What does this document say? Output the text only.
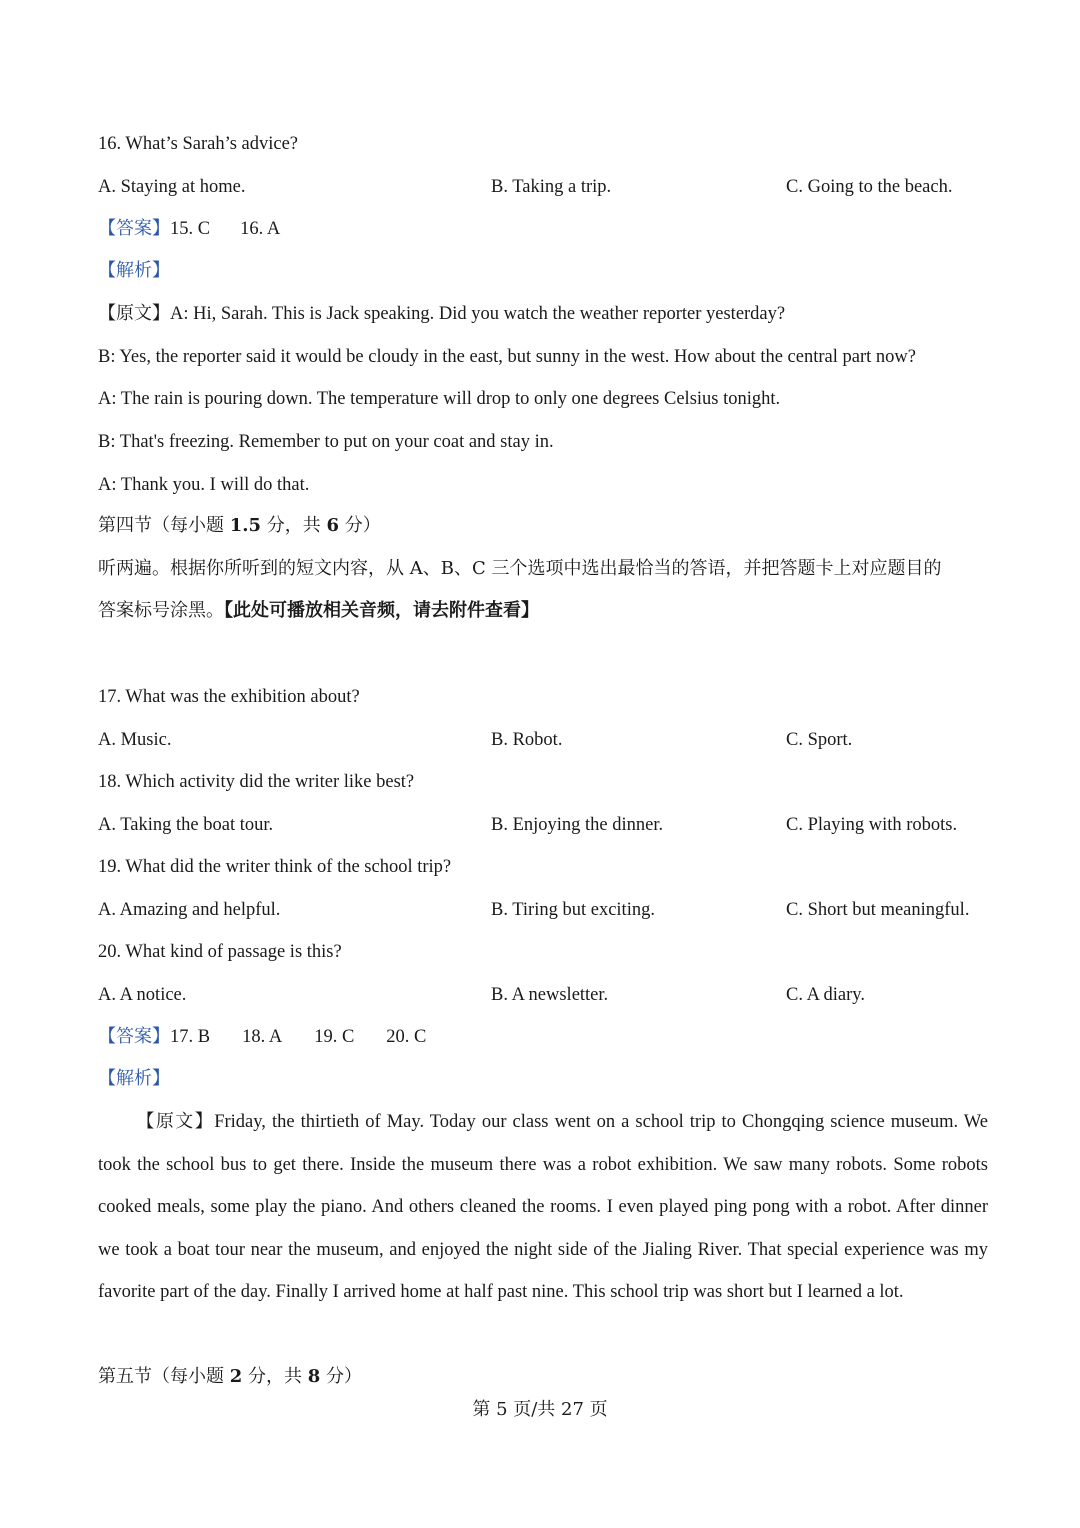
16. What’s Sarah’s advice?
A. Staying at home.	B. Taking a trip.	C. Going to the beach.
【答案】15. C 16. A
【解析】
【原文】A: Hi, Sarah. This is Jack speaking. Did you watch the weather reporter yesterday?
B: Yes, the reporter said it would be cloudy in the east, but sunny in the west. How about the central part now?
A: The rain is pouring down. The temperature will drop to only one degrees Celsius tonight.
B: That's freezing. Remember to put on your coat and stay in.
A: Thank you. I will do that.
第四节（每小题 1.5 分，共 6 分）
听两遍。根据你所听到的短文内容，从 A、B、C 三个选项中选出最恰当的答语，并把答题卡上对应题目的
答案标号涂黑。【此处可播放相关音频，请去附件查看】
17. What was the exhibition about?
A. Music.	B. Robot.	C. Sport.
18. Which activity did the writer like best?
A. Taking the boat tour.	B. Enjoying the dinner.	C. Playing with robots.
19. What did the writer think of the school trip?
A. Amazing and helpful.	B. Tiring but exciting.	C. Short but meaningful.
20. What kind of passage is this?
A. A notice.	B. A newsletter.	C. A diary.
【答案】17. B 18. A 19. C 20. C
【解析】
【原文】Friday, the thirtieth of May. Today our class went on a school trip to Chongqing science museum. We took the school bus to get there. Inside the museum there was a robot exhibition. We saw many robots. Some robots cooked meals, some play the piano. And others cleaned the rooms. I even played ping pong with a robot. After dinner we took a boat tour near the museum, and enjoyed the night side of the Jialing River. That special experience was my favorite part of the day. Finally I arrived home at half past nine. This school trip was short but I learned a lot.
第五节（每小题 2 分，共 8 分）
第 5 页/共 27 页
